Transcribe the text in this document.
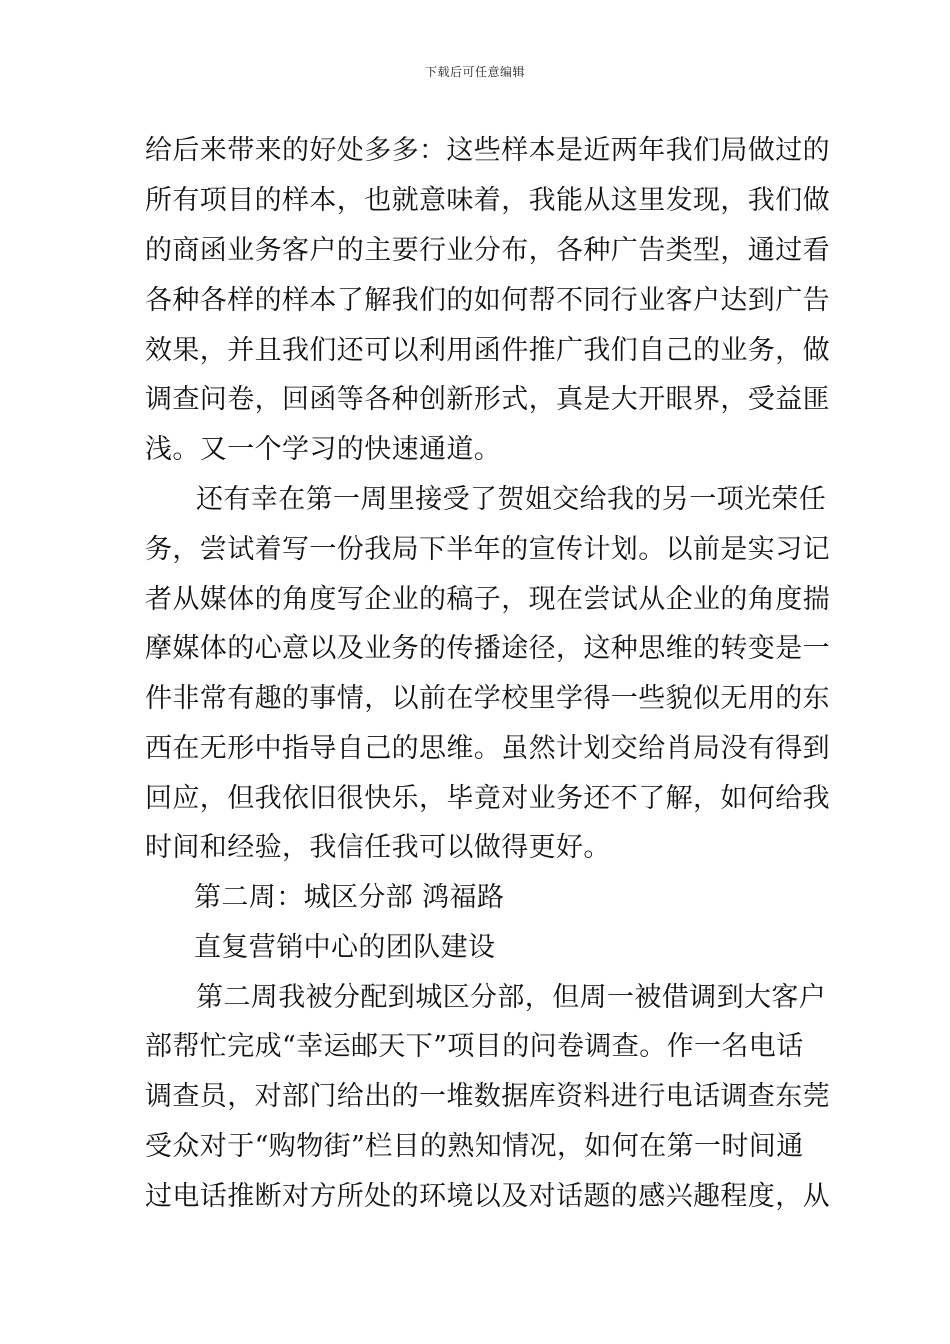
下载后可任意编辑
给后来带来的好处多多：这些样本是近两年我们局做过的
所有项目的样本，也就意味着，我能从这里发现，我们做
的商函业务客户的主要行业分布，各种广告类型，通过看
各种各样的样本了解我们的如何帮不同行业客户达到广告
效果，并且我们还可以利用函件推广我们自己的业务，做
调查问卷，回函等各种创新形式，真是大开眼界，受益匪
浅。又一个学习的快速通道。
还有幸在第一周里接受了贺姐交给我的另一项光荣任
务，尝试着写一份我局下半年的宣传计划。以前是实习记
者从媒体的角度写企业的稿子，现在尝试从企业的角度揣
摩媒体的心意以及业务的传播途径，这种思维的转变是一
件非常有趣的事情，以前在学校里学得一些貌似无用的东
西在无形中指导自己的思维。虽然计划交给肖局没有得到
回应，但我依旧很快乐，毕竟对业务还不了解，如何给我
时间和经验，我信任我可以做得更好。
第二周：城区分部 鸿福路
直复营销中心的团队建设
第二周我被分配到城区分部，但周一被借调到大客户
部帮忙完成“幸运邮天下”项目的问卷调查。作一名电话
调查员，对部门给出的一堆数据库资料进行电话调查东莞
受众对于“购物街”栏目的熟知情况，如何在第一时间通
过电话推断对方所处的环境以及对话题的感兴趣程度，从
